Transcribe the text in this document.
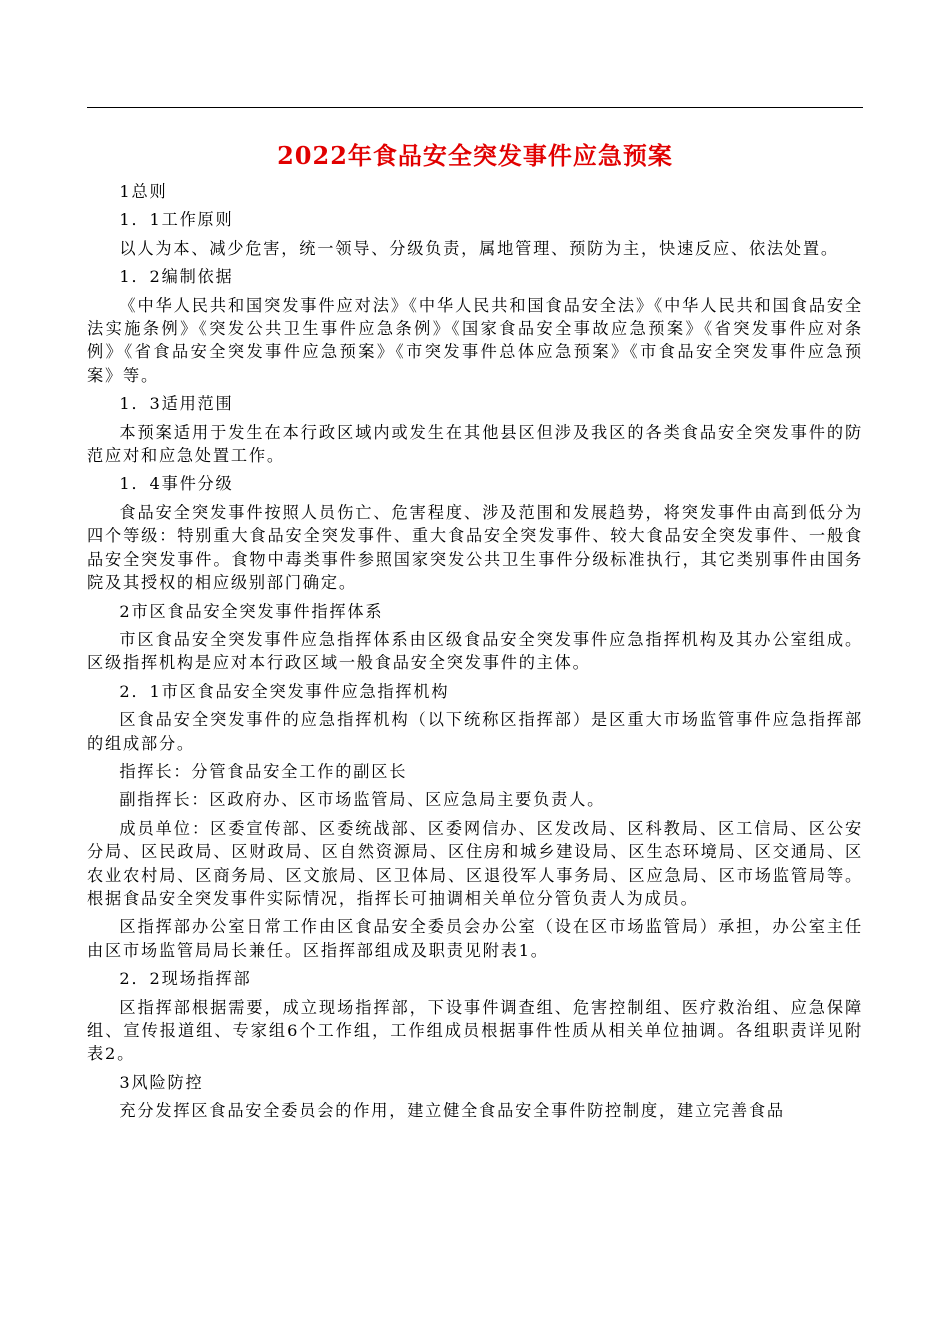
2022年食品安全突发事件应急预案

1总则

1．1工作原则

以人为本、减少危害，统一领导、分级负责，属地管理、预防为主，快速反应、依法处置。

1．2编制依据

《中华人民共和国突发事件应对法》《中华人民共和国食品安全法》《中华人民共和国食品安全法实施条例》《突发公共卫生事件应急条例》《国家食品安全事故应急预案》《省突发事件应对条例》《省食品安全突发事件应急预案》《市突发事件总体应急预案》《市食品安全突发事件应急预案》等。

1．3适用范围

本预案适用于发生在本行政区域内或发生在其他县区但涉及我区的各类食品安全突发事件的防范应对和应急处置工作。

1．4事件分级

食品安全突发事件按照人员伤亡、危害程度、涉及范围和发展趋势，将突发事件由高到低分为四个等级：特别重大食品安全突发事件、重大食品安全突发事件、较大食品安全突发事件、一般食品安全突发事件。食物中毒类事件参照国家突发公共卫生事件分级标准执行，其它类别事件由国务院及其授权的相应级别部门确定。

2市区食品安全突发事件指挥体系

市区食品安全突发事件应急指挥体系由区级食品安全突发事件应急指挥机构及其办公室组成。区级指挥机构是应对本行政区域一般食品安全突发事件的主体。

2．1市区食品安全突发事件应急指挥机构

区食品安全突发事件的应急指挥机构（以下统称区指挥部）是区重大市场监管事件应急指挥部的组成部分。

指挥长：分管食品安全工作的副区长

副指挥长：区政府办、区市场监管局、区应急局主要负责人。

成员单位：区委宣传部、区委统战部、区委网信办、区发改局、区科教局、区工信局、区公安分局、区民政局、区财政局、区自然资源局、区住房和城乡建设局、区生态环境局、区交通局、区农业农村局、区商务局、区文旅局、区卫体局、区退役军人事务局、区应急局、区市场监管局等。根据食品安全突发事件实际情况，指挥长可抽调相关单位分管负责人为成员。

区指挥部办公室日常工作由区食品安全委员会办公室（设在区市场监管局）承担，办公室主任由区市场监管局局长兼任。区指挥部组成及职责见附表1。

2．2现场指挥部

区指挥部根据需要，成立现场指挥部，下设事件调查组、危害控制组、医疗救治组、应急保障组、宣传报道组、专家组6个工作组，工作组成员根据事件性质从相关单位抽调。各组职责详见附表2。

3风险防控

充分发挥区食品安全委员会的作用，建立健全食品安全事件防控制度，建立完善食品
